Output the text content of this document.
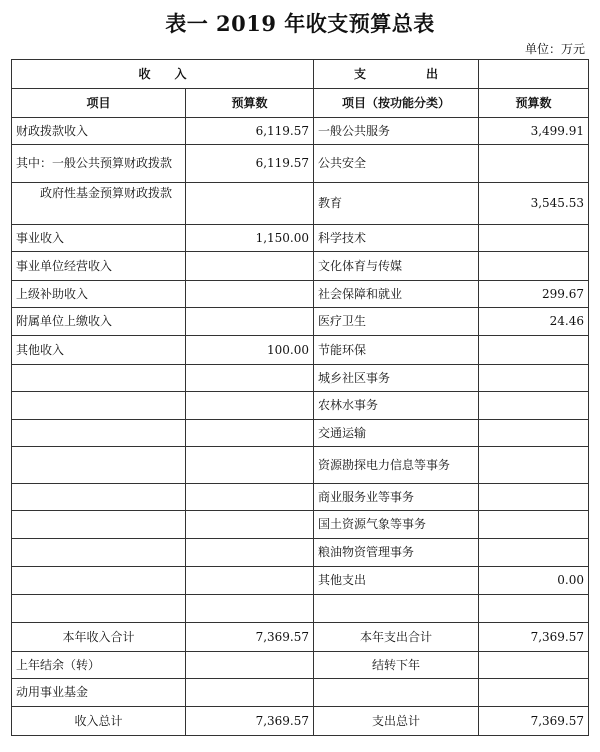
表一 2019 年收支预算总表
单位：万元
收　　入		支　　　　　出	
项目	预算数	项目（按功能分类）	预算数
财政拨款收入	6,119.57	一般公共服务	3,499.91
其中：一般公共预算财政拨款	6,119.57	公共安全	
政府性基金预算财政拨款		教育	3,545.53
事业收入	1,150.00	科学技术	
事业单位经营收入		文化体育与传媒	
上级补助收入		社会保障和就业	299.67
附属单位上缴收入		医疗卫生	24.46
其他收入	100.00	节能环保	
		城乡社区事务	
		农林水事务	
		交通运输	
		资源勘探电力信息等事务	
		商业服务业等事务	
		国土资源气象等事务	
		粮油物资管理事务	
		其他支出	0.00

本年收入合计	7,369.57	本年支出合计	7,369.57
上年结余（转）		结转下年	
动用事业基金			
收入总计	7,369.57	支出总计	7,369.57
